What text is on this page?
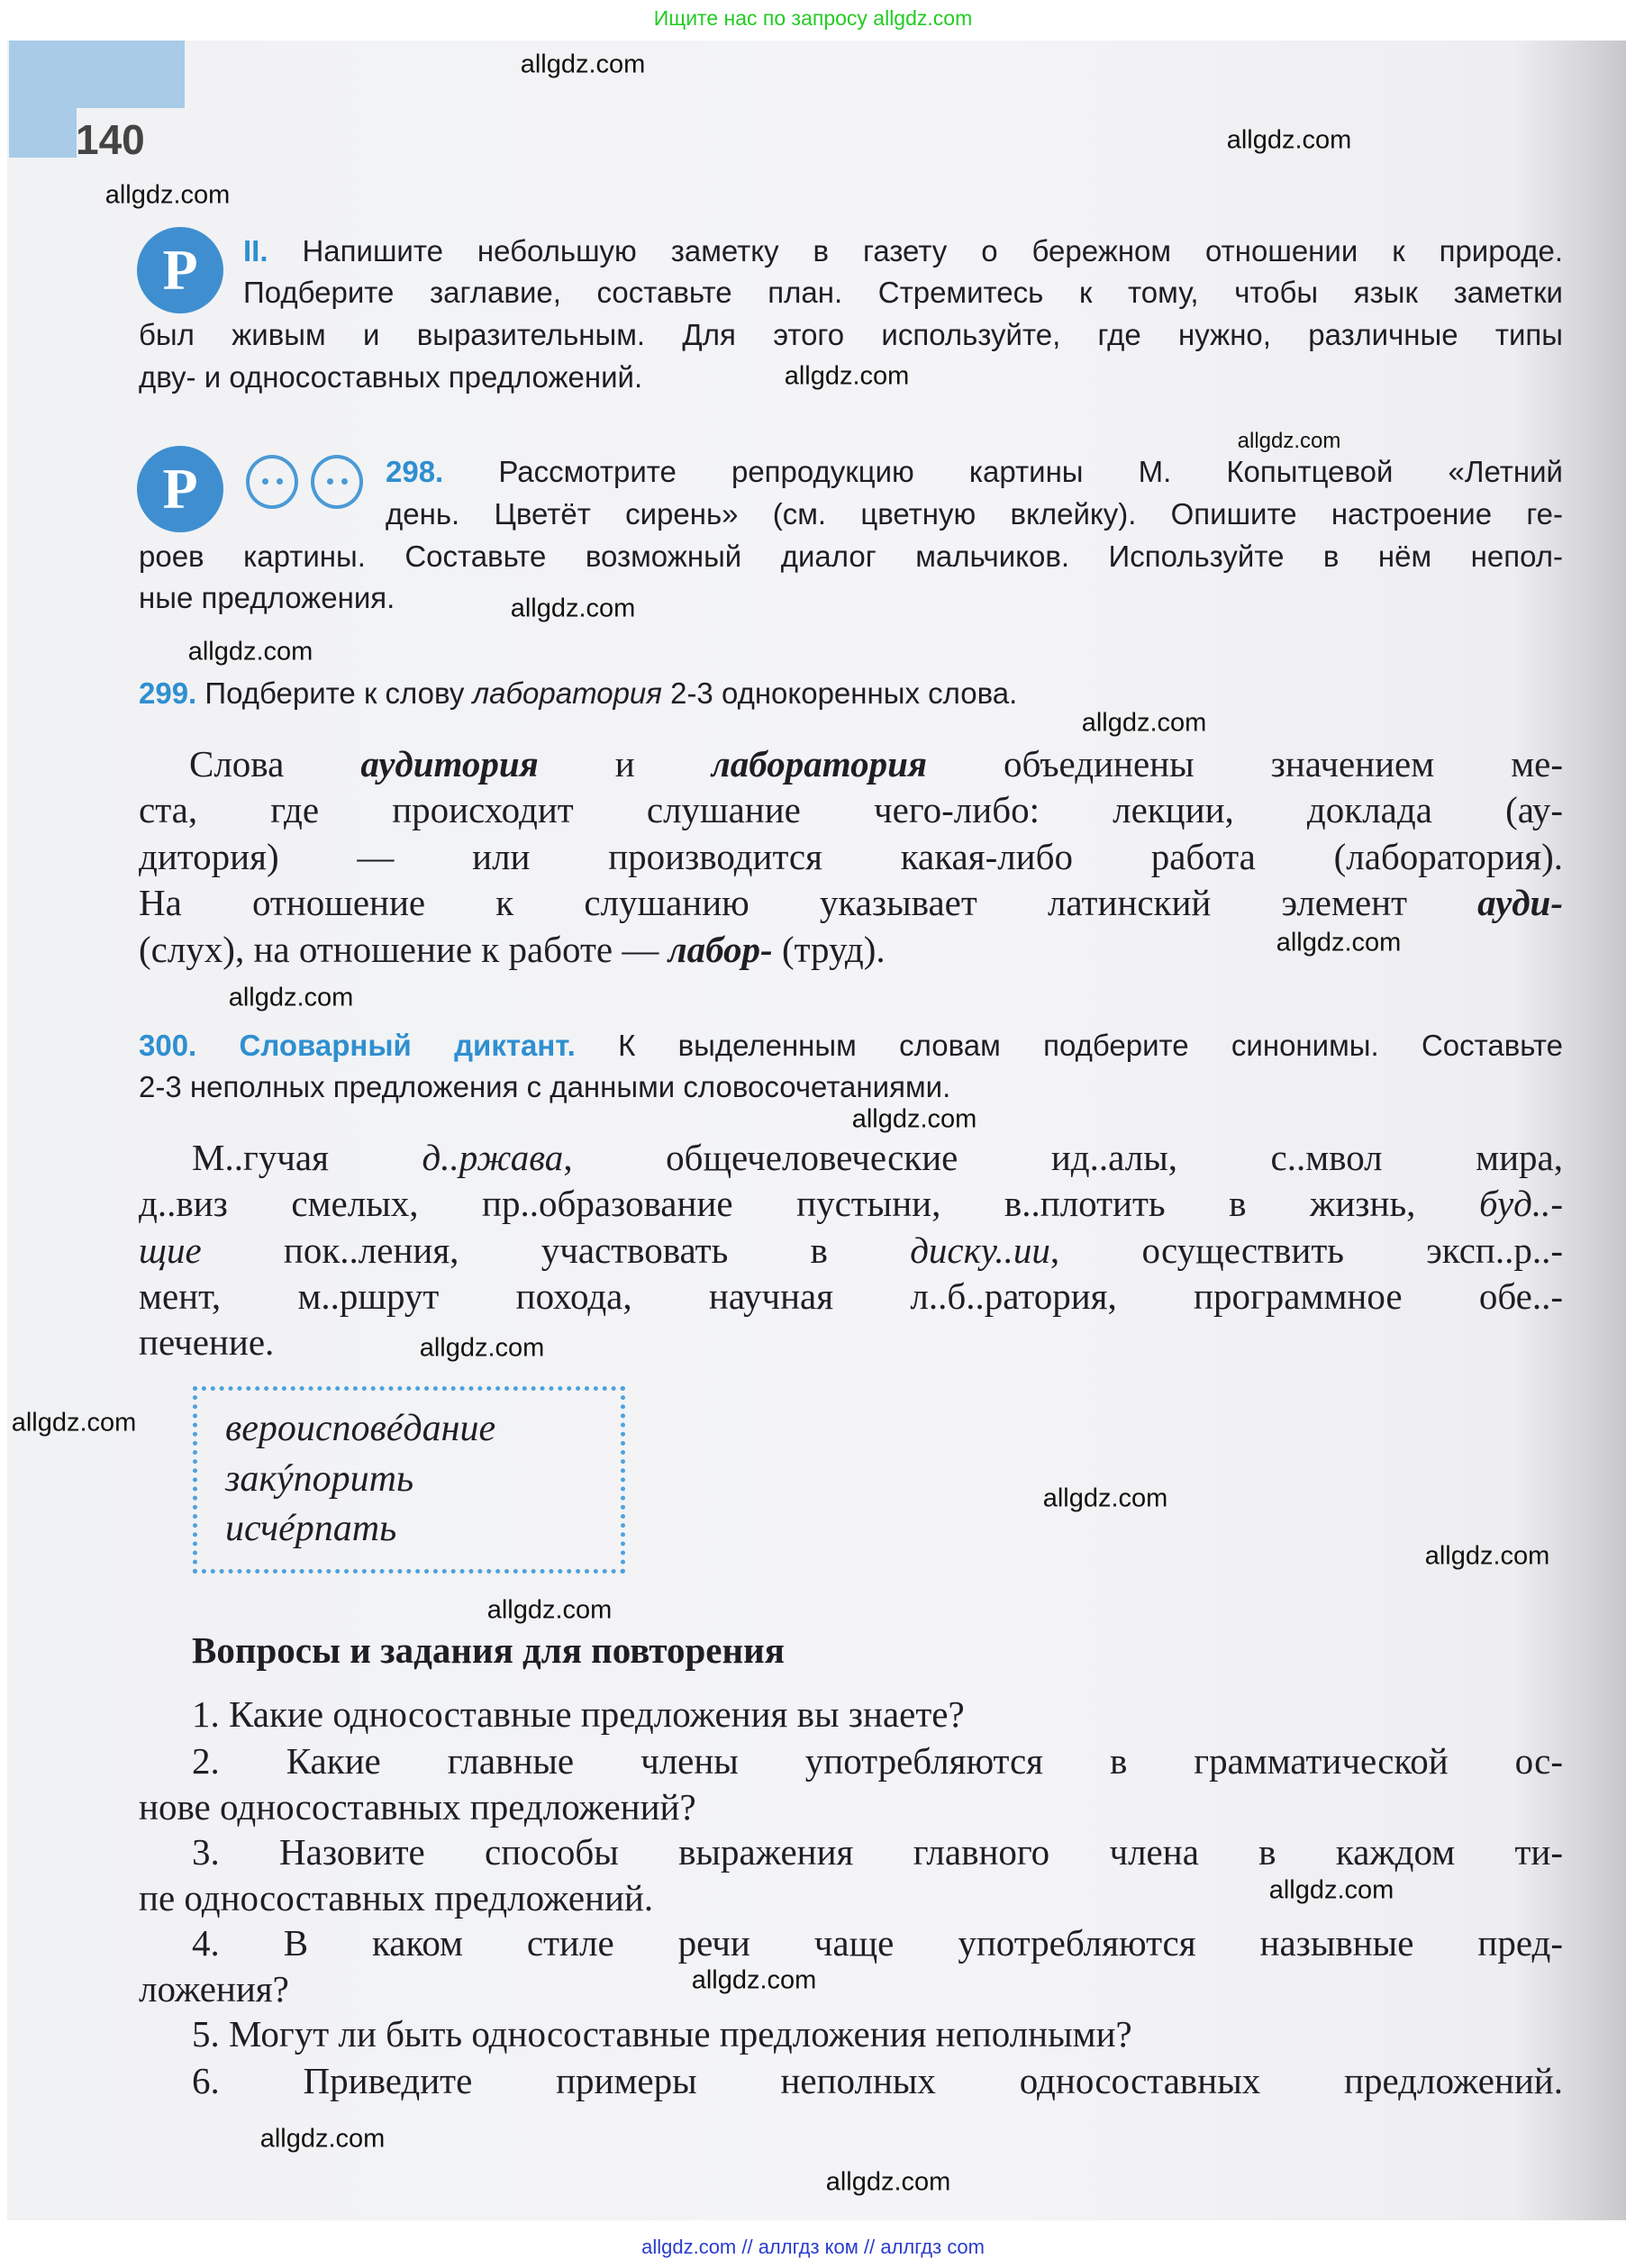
Ищите нас по запросу allgdz.com
140
Р
Р
II. Напишите небольшую заметку в газету о бережном отношении к природе.
Подберите заглавие, составьте план. Стремитесь к тому, чтобы язык заметки
был живым и выразительным. Для этого используйте, где нужно, различные типы
дву- и односоставных предложений.
298. Рассмотрите репродукцию картины М. Копытцевой «Летний
день. Цветёт сирень» (см. цветную вклейку). Опишите настроение ге-
роев картины. Составьте возможный диалог мальчиков. Используйте в нём непол-
ные предложения.
299. Подберите к слову лаборатория 2-3 однокоренных слова.
Слова аудитория и лаборатория объединены значением ме-
ста, где происходит слушание чего-либо: лекции, доклада (ау-
дитория) — или производится какая-либо работа (лаборатория).
На отношение к слушанию указывает латинский элемент ауди-
(слух), на отношение к работе — лабор- (труд).
300. Словарный диктант. К выделенным словам подберите синонимы. Составьте
2-3 неполных предложения с данными словосочетаниями.
М..гучая д..ржава, общечеловеческие ид..алы, с..мвол мира,
д..виз смелых, пр..образование пустыни, в..плотить в жизнь, буд..-
щие пок..ления, участвовать в диску..ии, осуществить эксп..р..-
мент, м..ршрут похода, научная л..б..ратория, программное обе..-
печение.
1. Какие односоставные предложения вы знаете?
2. Какие главные члены употребляются в грамматической ос-
нове односоставных предложений?
3. Назовите способы выражения главного члена в каждом ти-
пе односоставных предложений.
4. В каком стиле речи чаще употребляются назывные пред-
ложения?
5. Могут ли быть односоставные предложения неполными?
6. Приведите примеры неполных односоставных предложений.
вероисповéдание
закýпорить
исчéрпать
Вопросы и задания для повторения
allgdz.com
allgdz.com
allgdz.com
allgdz.com
allgdz.com
allgdz.com
allgdz.com
allgdz.com
allgdz.com
allgdz.com
allgdz.com
allgdz.com
allgdz.com
allgdz.com
allgdz.com
allgdz.com
allgdz.com
allgdz.com
allgdz.com
allgdz.com
allgdz.com // аллгдз ком // аллгдз com
